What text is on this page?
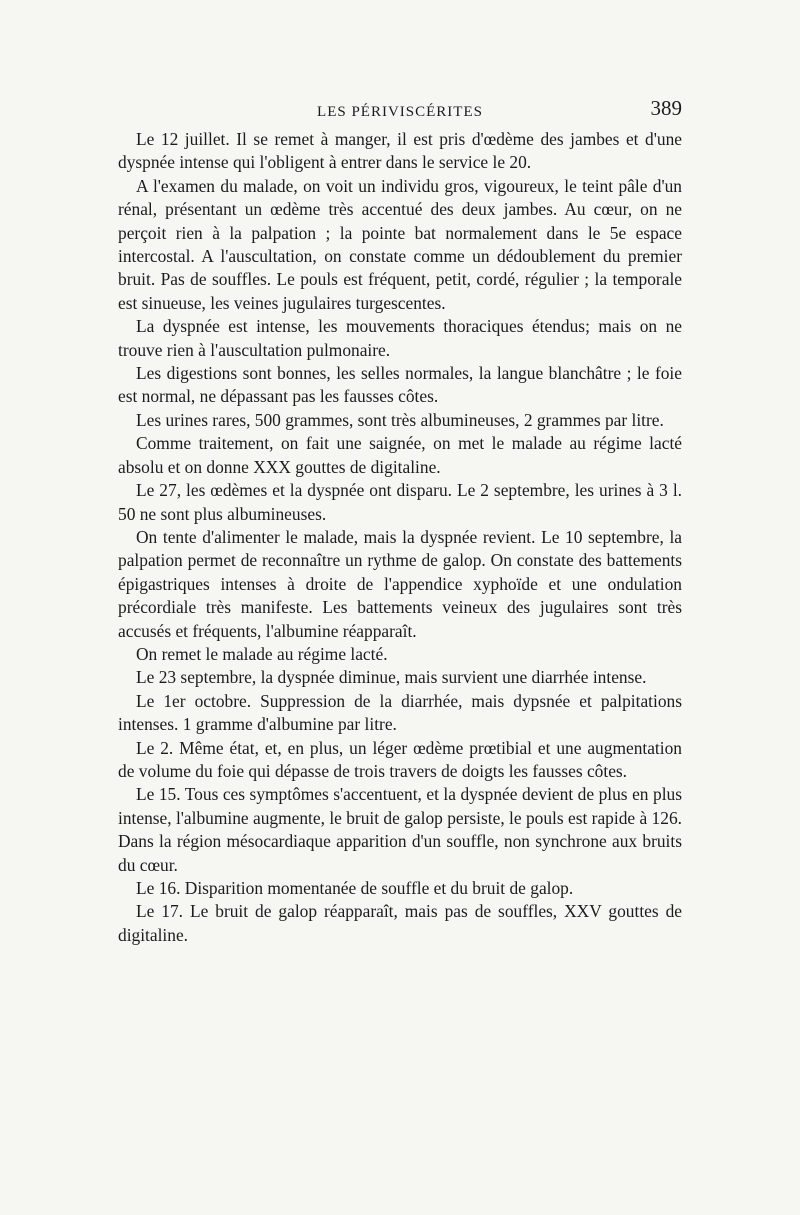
LES PÉRIVISCÉRITES	389

Le 12 juillet. Il se remet à manger, il est pris d'œdème des jambes et d'une dyspnée intense qui l'obligent à entrer dans le service le 20.

A l'examen du malade, on voit un individu gros, vigoureux, le teint pâle d'un rénal, présentant un œdème très accentué des deux jambes. Au cœur, on ne perçoit rien à la palpation ; la pointe bat normalement dans le 5e espace intercostal. A l'auscultation, on constate comme un dédoublement du premier bruit. Pas de souffles. Le pouls est fréquent, petit, cordé, régulier ; la temporale est sinueuse, les veines jugulaires turgescentes.

La dyspnée est intense, les mouvements thoraciques étendus; mais on ne trouve rien à l'auscultation pulmonaire.

Les digestions sont bonnes, les selles normales, la langue blanchâtre ; le foie est normal, ne dépassant pas les fausses côtes.

Les urines rares, 500 grammes, sont très albumineuses, 2 grammes par litre.

Comme traitement, on fait une saignée, on met le malade au régime lacté absolu et on donne XXX gouttes de digitaline.

Le 27, les œdèmes et la dyspnée ont disparu. Le 2 septembre, les urines à 3 l. 50 ne sont plus albumineuses.

On tente d'alimenter le malade, mais la dyspnée revient. Le 10 septembre, la palpation permet de reconnaître un rythme de galop. On constate des battements épigastriques intenses à droite de l'appendice xyphoïde et une ondulation précordiale très manifeste. Les battements veineux des jugulaires sont très accusés et fréquents, l'albumine réapparaît.

On remet le malade au régime lacté.

Le 23 septembre, la dyspnée diminue, mais survient une diarrhée intense.

Le 1er octobre. Suppression de la diarrhée, mais dypsnée et palpitations intenses. 1 gramme d'albumine par litre.

Le 2. Même état, et, en plus, un léger œdème prœtibial et une augmentation de volume du foie qui dépasse de trois travers de doigts les fausses côtes.

Le 15. Tous ces symptômes s'accentuent, et la dyspnée devient de plus en plus intense, l'albumine augmente, le bruit de galop persiste, le pouls est rapide à 126. Dans la région mésocardiaque apparition d'un souffle, non synchrone aux bruits du cœur.

Le 16. Disparition momentanée de souffle et du bruit de galop.

Le 17. Le bruit de galop réapparaît, mais pas de souffles, XXV gouttes de digitaline.
